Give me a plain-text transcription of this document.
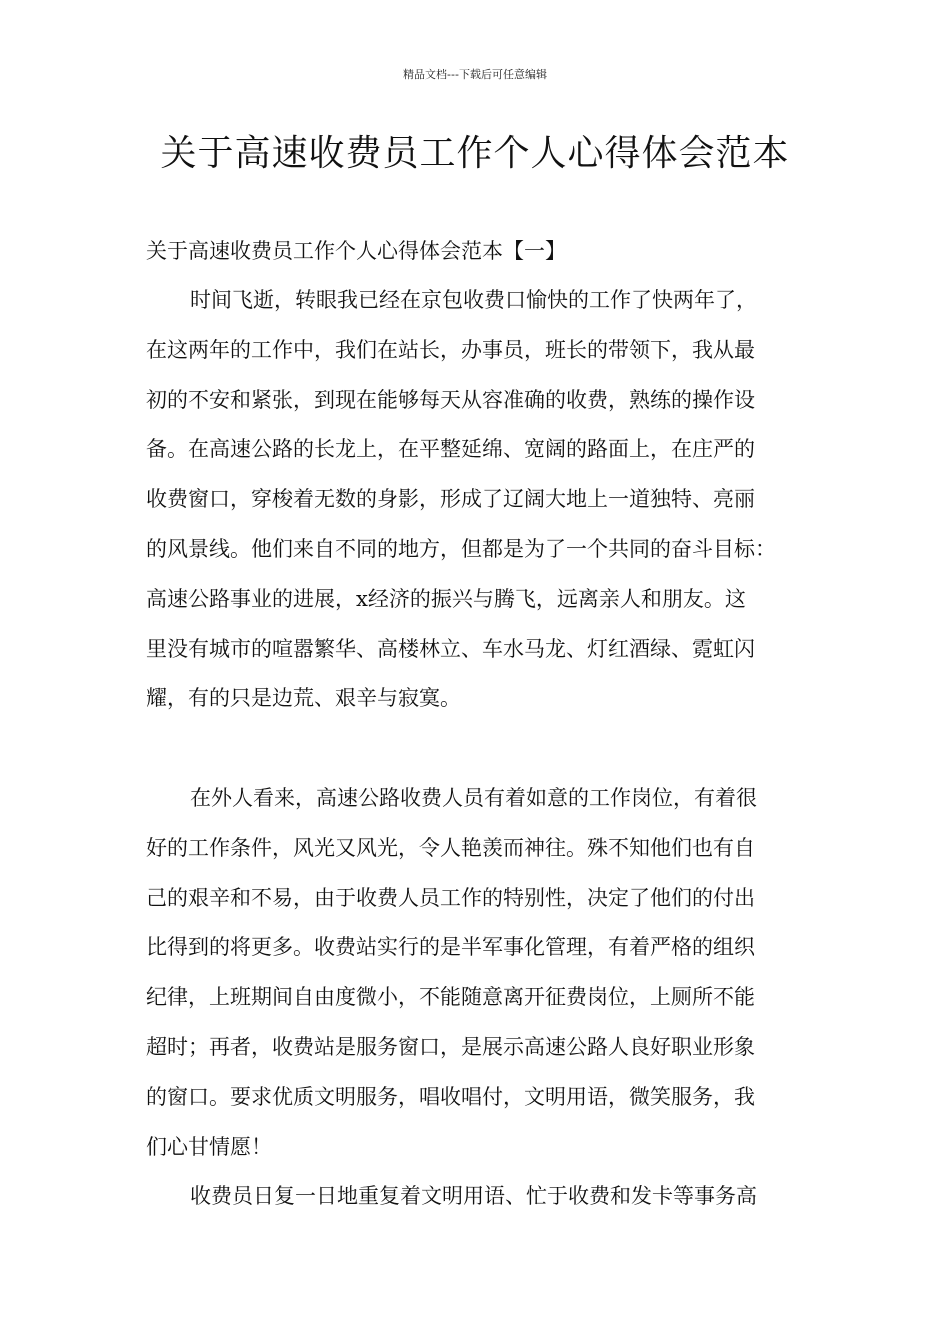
精品文档---下载后可任意编辑
关于高速收费员工作个人心得体会范本
关于高速收费员工作个人心得体会范本【一】
时间飞逝，转眼我已经在京包收费口愉快的工作了快两年了，
在这两年的工作中，我们在站长，办事员，班长的带领下，我从最
初的不安和紧张，到现在能够每天从容准确的收费，熟练的操作设
备。在高速公路的长龙上，在平整延绵、宽阔的路面上，在庄严的
收费窗口，穿梭着无数的身影，形成了辽阔大地上一道独特、亮丽
的风景线。他们来自不同的地方，但都是为了一个共同的奋斗目标：
高速公路事业的进展，x经济的振兴与腾飞，远离亲人和朋友。这
里没有城市的喧嚣繁华、高楼林立、车水马龙、灯红酒绿、霓虹闪
耀，有的只是边荒、艰辛与寂寞。
在外人看来，高速公路收费人员有着如意的工作岗位，有着很
好的工作条件，风光又风光，令人艳羡而神往。殊不知他们也有自
己的艰辛和不易，由于收费人员工作的特别性，决定了他们的付出
比得到的将更多。收费站实行的是半军事化管理，有着严格的组织
纪律，上班期间自由度微小，不能随意离开征费岗位，上厕所不能
超时；再者，收费站是服务窗口，是展示高速公路人良好职业形象
的窗口。要求优质文明服务，唱收唱付，文明用语，微笑服务，我
们心甘情愿！
收费员日复一日地重复着文明用语、忙于收费和发卡等事务高
